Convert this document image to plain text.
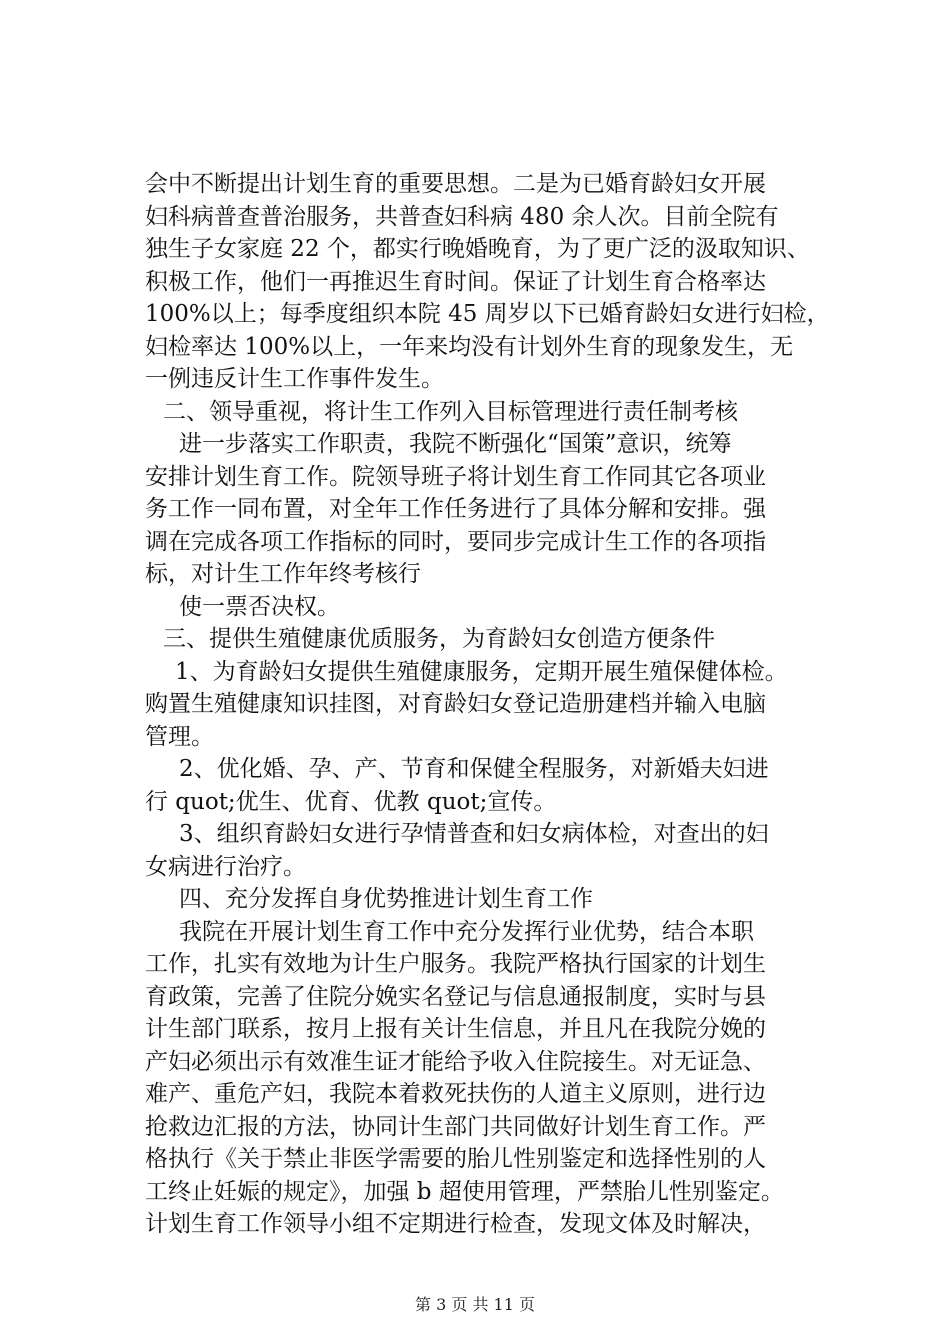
会中不断提出计划生育的重要思想。二是为已婚育龄妇女开展
妇科病普查普治服务，共普查妇科病 480 余人次。目前全院有
独生子女家庭 22 个，都实行晚婚晚育，为了更广泛的汲取知识、
积极工作，他们一再推迟生育时间。保证了计划生育合格率达
100%以上；每季度组织本院 45 周岁以下已婚育龄妇女进行妇检，
妇检率达 100%以上，一年来均没有计划外生育的现象发生，无
一例违反计生工作事件发生。
二、领导重视，将计生工作列入目标管理进行责任制考核
进一步落实工作职责，我院不断强化“国策”意识，统筹
安排计划生育工作。院领导班子将计划生育工作同其它各项业
务工作一同布置，对全年工作任务进行了具体分解和安排。强
调在完成各项工作指标的同时，要同步完成计生工作的各项指
标，对计生工作年终考核行
使一票否决权。
三、提供生殖健康优质服务，为育龄妇女创造方便条件
1、为育龄妇女提供生殖健康服务，定期开展生殖保健体检。
购置生殖健康知识挂图，对育龄妇女登记造册建档并输入电脑
管理。
2、优化婚、孕、产、节育和保健全程服务，对新婚夫妇进
行 quot;优生、优育、优教 quot;宣传。
3、组织育龄妇女进行孕情普查和妇女病体检，对查出的妇
女病进行治疗。
四、充分发挥自身优势推进计划生育工作
我院在开展计划生育工作中充分发挥行业优势，结合本职
工作，扎实有效地为计生户服务。我院严格执行国家的计划生
育政策，完善了住院分娩实名登记与信息通报制度，实时与县
计生部门联系，按月上报有关计生信息，并且凡在我院分娩的
产妇必须出示有效准生证才能给予收入住院接生。对无证急、
难产、重危产妇，我院本着救死扶伤的人道主义原则，进行边
抢救边汇报的方法，协同计生部门共同做好计划生育工作。严
格执行《关于禁止非医学需要的胎儿性别鉴定和选择性别的人
工终止妊娠的规定》，加强 b 超使用管理，严禁胎儿性别鉴定。
计划生育工作领导小组不定期进行检查，发现文体及时解决，
第 3 页 共 11 页
